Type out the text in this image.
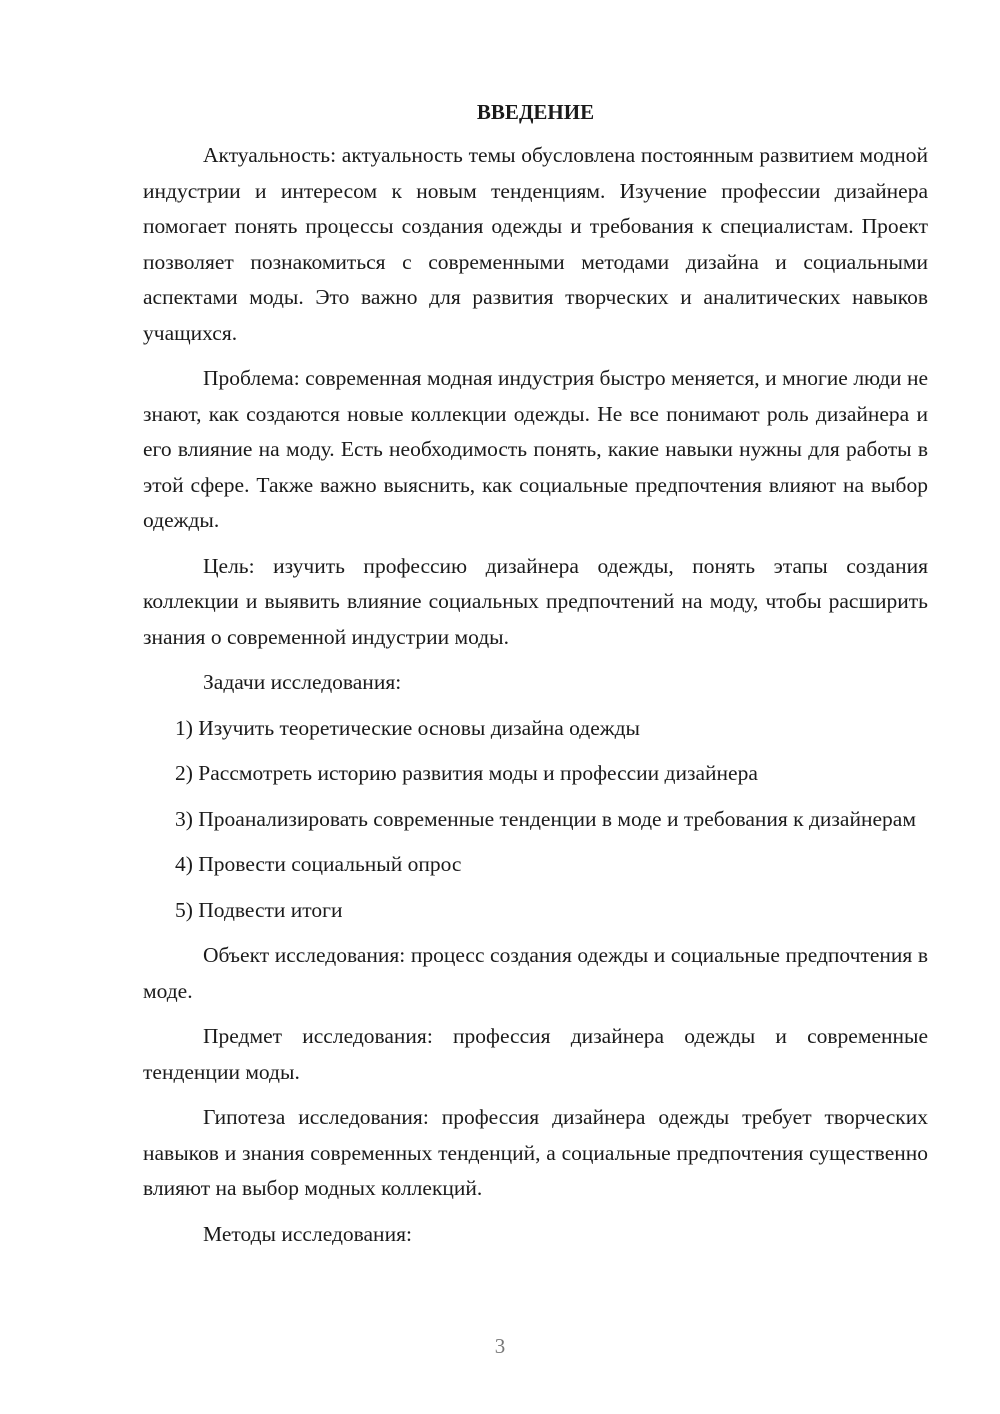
ВВЕДЕНИЕ

Актуальность: актуальность темы обусловлена постоянным развитием модной индустрии и интересом к новым тенденциям. Изучение профессии дизайнера помогает понять процессы создания одежды и требования к специалистам. Проект позволяет познакомиться с современными методами дизайна и социальными аспектами моды. Это важно для развития творческих и аналитических навыков учащихся.

Проблема: современная модная индустрия быстро меняется, и многие люди не знают, как создаются новые коллекции одежды. Не все понимают роль дизайнера и его влияние на моду. Есть необходимость понять, какие навыки нужны для работы в этой сфере. Также важно выяснить, как социальные предпочтения влияют на выбор одежды.

Цель: изучить профессию дизайнера одежды, понять этапы создания коллекции и выявить влияние социальных предпочтений на моду, чтобы расширить знания о современной индустрии моды.

Задачи исследования:

1) Изучить теоретические основы дизайна одежды

2) Рассмотреть историю развития моды и профессии дизайнера

3) Проанализировать современные тенденции в моде и требования к дизайнерам

4) Провести социальный опрос

5) Подвести итоги

Объект исследования: процесс создания одежды и социальные предпочтения в моде.

Предмет исследования: профессия дизайнера одежды и современные тенденции моды.

Гипотеза исследования: профессия дизайнера одежды требует творческих навыков и знания современных тенденций, а социальные предпочтения существенно влияют на выбор модных коллекций.

Методы исследования:

3
